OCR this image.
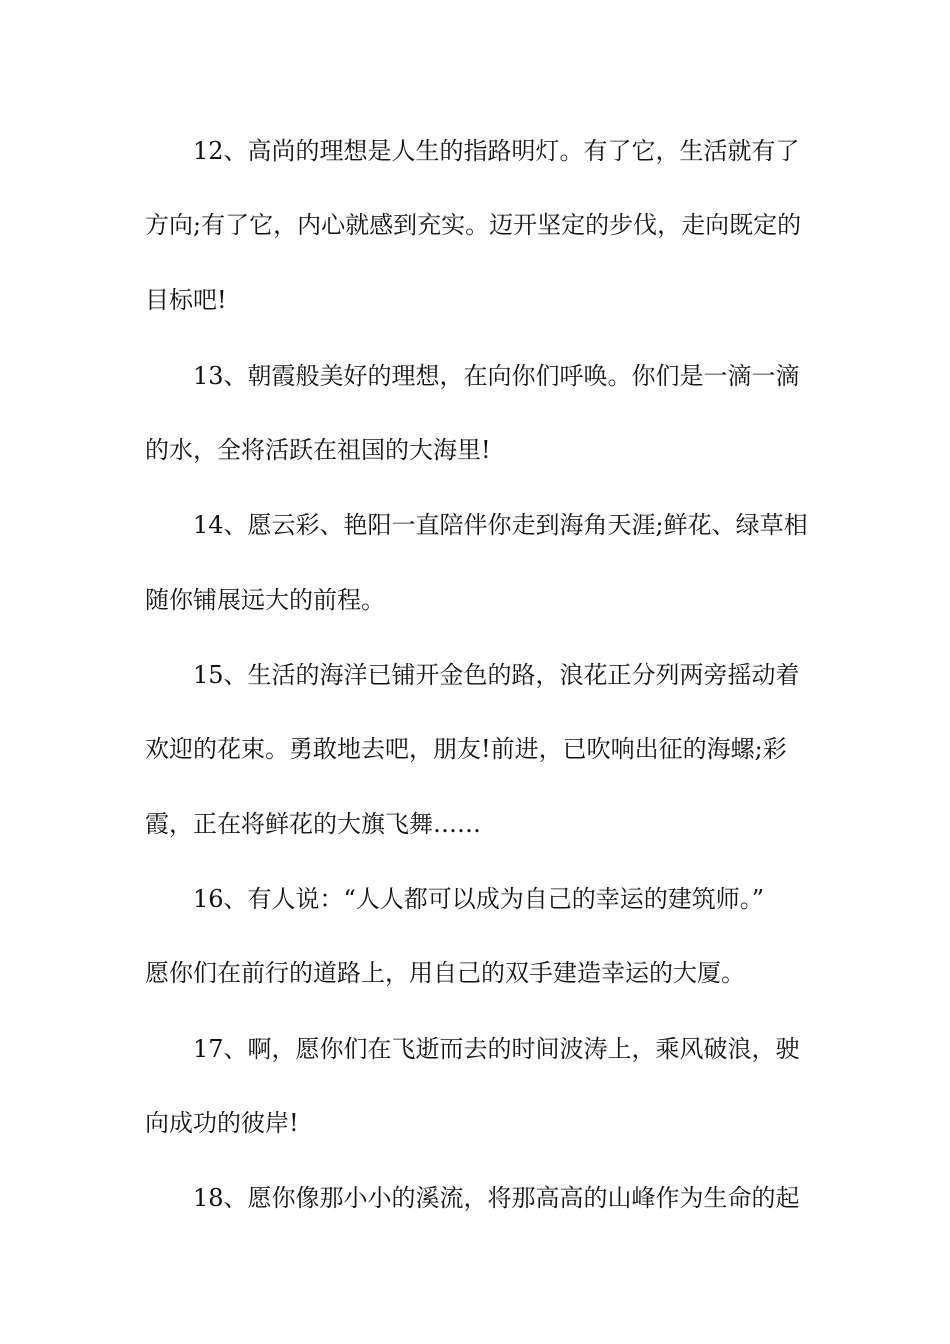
12、高尚的理想是人生的指路明灯。有了它，生活就有了
方向;有了它，内心就感到充实。迈开坚定的步伐，走向既定的
目标吧!
13、朝霞般美好的理想，在向你们呼唤。你们是一滴一滴
的水，全将活跃在祖国的大海里!
14、愿云彩、艳阳一直陪伴你走到海角天涯;鲜花、绿草相
随你铺展远大的前程。
15、生活的海洋已铺开金色的路，浪花正分列两旁摇动着
欢迎的花束。勇敢地去吧，朋友!前进，已吹响出征的海螺;彩
霞，正在将鲜花的大旗飞舞……
16、有人说：“人人都可以成为自己的幸运的建筑师。”
愿你们在前行的道路上，用自己的双手建造幸运的大厦。
17、啊，愿你们在飞逝而去的时间波涛上，乘风破浪，驶
向成功的彼岸!
18、愿你像那小小的溪流，将那高高的山峰作为生命的起
